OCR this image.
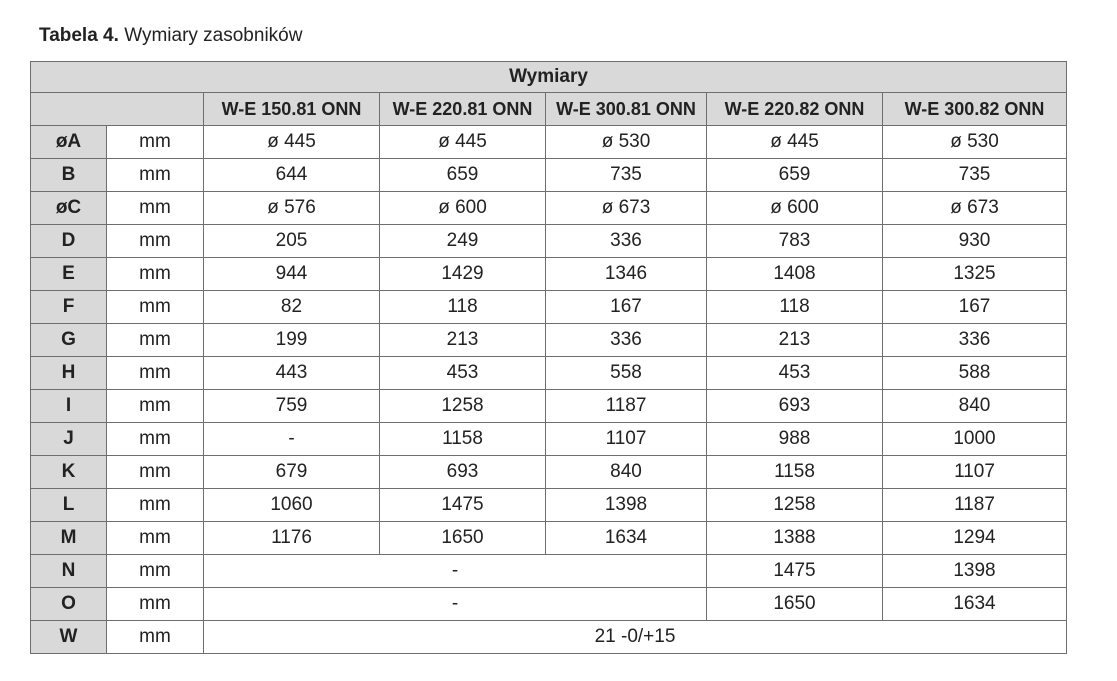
Tabela 4. Wymiary zasobników
Wymiary						
		W-E 150.81 ONN	W-E 220.81 ONN	W-E 300.81 ONN	W-E 220.82 ONN	W-E 300.82 ONN
øA	mm	ø 445	ø 445	ø 530	ø 445	ø 530
B	mm	644	659	735	659	735
øC	mm	ø 576	ø 600	ø 673	ø 600	ø 673
D	mm	205	249	336	783	930
E	mm	944	1429	1346	1408	1325
F	mm	82	118	167	118	167
G	mm	199	213	336	213	336
H	mm	443	453	558	453	588
I	mm	759	1258	1187	693	840
J	mm	-	1158	1107	988	1000
K	mm	679	693	840	1158	1107
L	mm	1060	1475	1398	1258	1187
M	mm	1176	1650	1634	1388	1294
N	mm	-			1475	1398
O	mm	-			1650	1634
W	mm	21 -0/+15				
